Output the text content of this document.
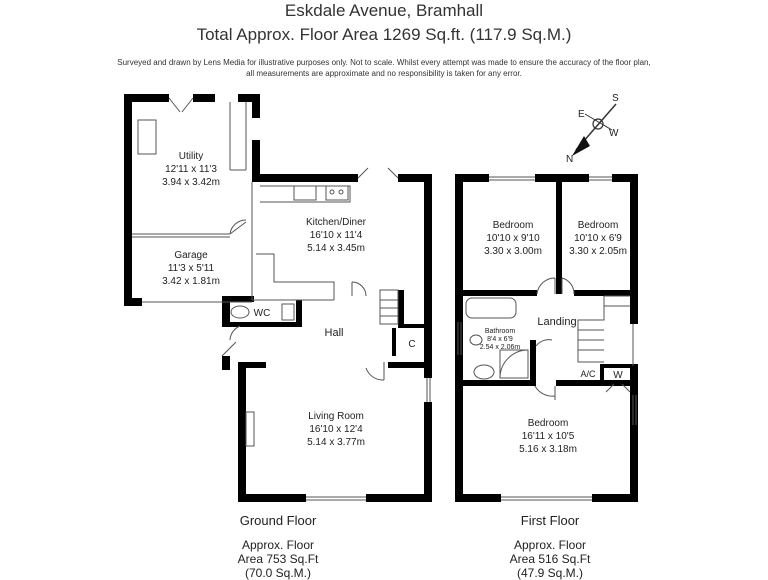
Eskdale Avenue, Bramhall
Total Approx. Floor Area 1269 Sq.ft. (117.9 Sq.M.)
Surveyed and drawn by Lens Media for illustrative purposes only. Not to scale. Whilst every attempt was made to ensure the accuracy of the floor plan,
all measurements are approximate and no responsibility is taken for any error.
Utility
12'11 x 11'3
3.94 x 3.42m
Garage
11'3 x 5'11
3.42 x 1.81m
Kitchen/Diner
16'10 x 11'4
5.14 x 3.45m
WC
Hall
C
Living Room
16'10 x 12'4
5.14 x 3.77m
Bedroom
10'10 x 9'10
3.30 x 3.00m
Bedroom
10'10 x 6'9
3.30 x 2.05m
Bathroom
8'4 x 6'9
2.54 x 2.06m
Landing
A/C W
Bedroom
16'11 x 10'5
5.16 x 3.18m
S
E
W
N
Ground Floor
Approx. Floor
Area 753 Sq.Ft
(70.0 Sq.M.)
First Floor
Approx. Floor
Area 516 Sq.Ft
(47.9 Sq.M.)
